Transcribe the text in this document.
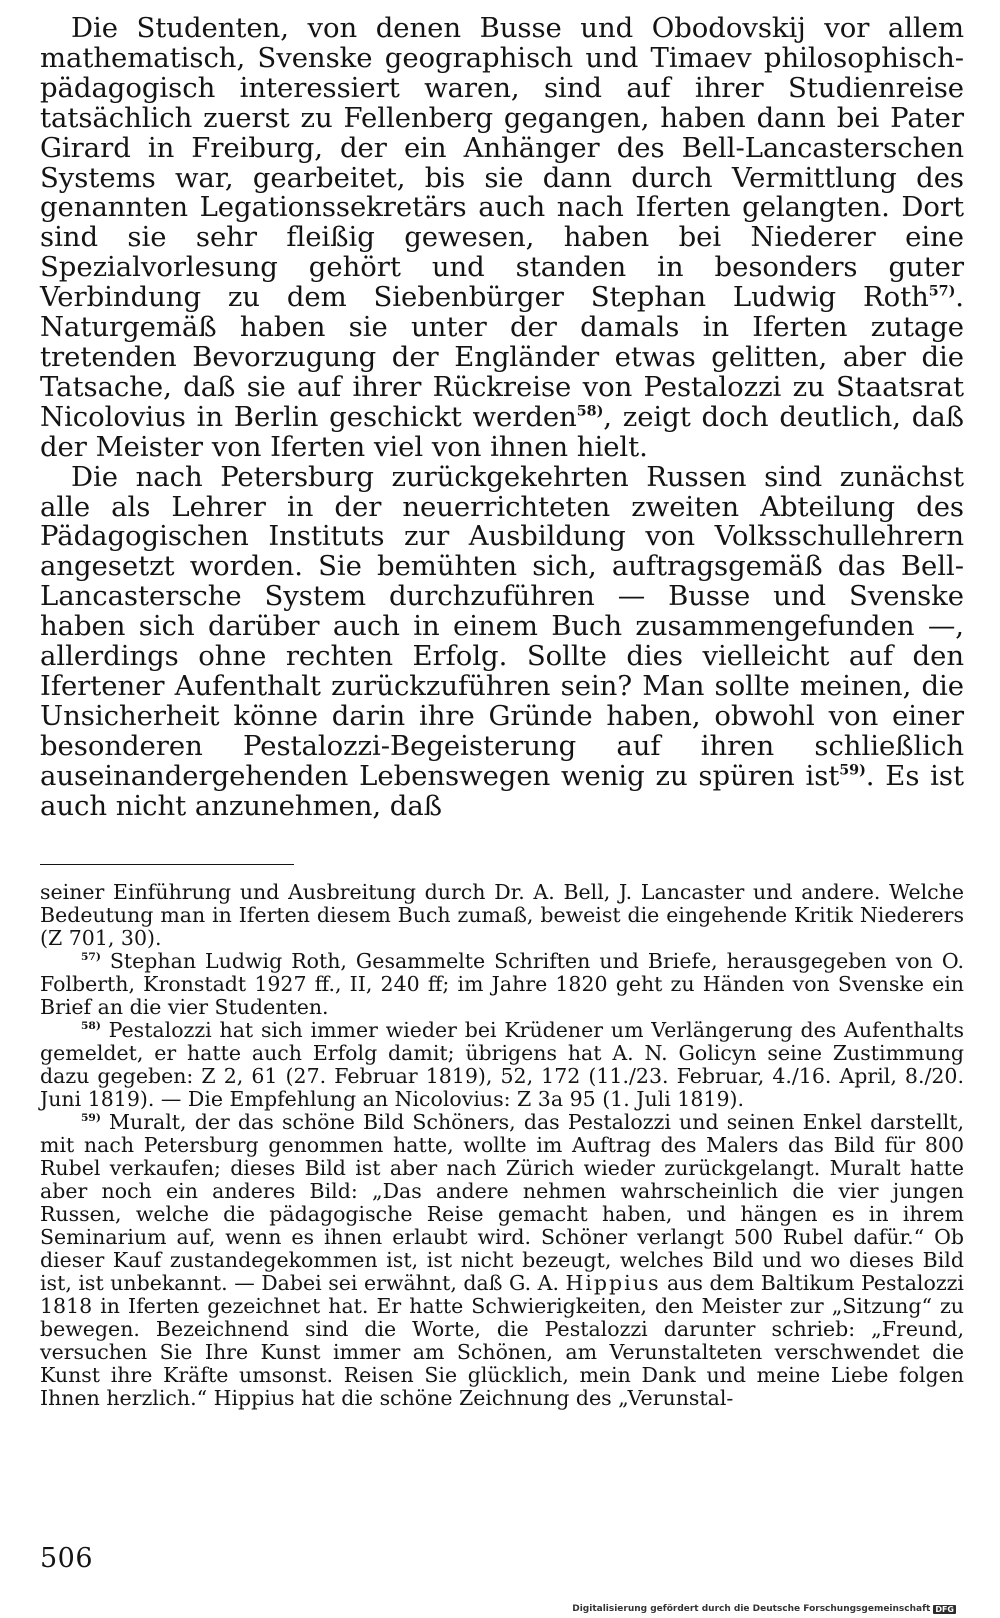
Die Studenten, von denen Busse und Obodovskij vor allem mathematisch, Svenske geographisch und Timaev philosophisch-pädagogisch interessiert waren, sind auf ihrer Studienreise tatsächlich zuerst zu Fellenberg gegangen, haben dann bei Pater Girard in Freiburg, der ein Anhänger des Bell-Lancasterschen Systems war, gearbeitet, bis sie dann durch Vermittlung des genannten Legationssekretärs auch nach Iferten gelangten. Dort sind sie sehr fleißig gewesen, haben bei Niederer eine Spezialvorlesung gehört und standen in besonders guter Verbindung zu dem Siebenbürger Stephan Ludwig Roth$^{57)}$. Naturgemäß haben sie unter der damals in Iferten zutage tretenden Bevorzugung der Engländer etwas gelitten, aber die Tatsache, daß sie auf ihrer Rückreise von Pestalozzi zu Staatsrat Nicolovius in Berlin geschickt werden$^{58)}$, zeigt doch deutlich, daß der Meister von Iferten viel von ihnen hielt.

Die nach Petersburg zurückgekehrten Russen sind zunächst alle als Lehrer in der neuerrichteten zweiten Abteilung des Pädagogischen Instituts zur Ausbildung von Volksschullehrern angesetzt worden. Sie bemühten sich, auftragsgemäß das Bell-Lancastersche System durchzuführen — Busse und Svenske haben sich darüber auch in einem Buch zusammengefunden —, allerdings ohne rechten Erfolg. Sollte dies vielleicht auf den Ifertener Aufenthalt zurückzuführen sein? Man sollte meinen, die Unsicherheit könne darin ihre Gründe haben, obwohl von einer besonderen Pestalozzi-Begeisterung auf ihren schließlich auseinandergehenden Lebenswegen wenig zu spüren ist$^{59)}$. Es ist auch nicht anzunehmen, daß

seiner Einführung und Ausbreitung durch Dr. A. Bell, J. Lancaster und andere. Welche Bedeutung man in Iferten diesem Buch zumaß, beweist die eingehende Kritik Niederers (Z 701, 30).

$^{57)}$ Stephan Ludwig Roth, Gesammelte Schriften und Briefe, herausgegeben von O. Folberth, Kronstadt 1927 ff., II, 240 ff; im Jahre 1820 geht zu Händen von Svenske ein Brief an die vier Studenten.

$^{58)}$ Pestalozzi hat sich immer wieder bei Krüdener um Verlängerung des Aufenthalts gemeldet, er hatte auch Erfolg damit; übrigens hat A. N. Golicyn seine Zustimmung dazu gegeben: Z 2, 61 (27. Februar 1819), 52, 172 (11./23. Februar, 4./16. April, 8./20. Juni 1819). — Die Empfehlung an Nicolovius: Z 3a 95 (1. Juli 1819).

$^{59)}$ Muralt, der das schöne Bild Schöners, das Pestalozzi und seinen Enkel darstellt, mit nach Petersburg genommen hatte, wollte im Auftrag des Malers das Bild für 800 Rubel verkaufen; dieses Bild ist aber nach Zürich wieder zurückgelangt. Muralt hatte aber noch ein anderes Bild: „Das andere nehmen wahrscheinlich die vier jungen Russen, welche die pädagogische Reise gemacht haben, und hängen es in ihrem Seminarium auf, wenn es ihnen erlaubt wird. Schöner verlangt 500 Rubel dafür.“ Ob dieser Kauf zustandegekommen ist, ist nicht bezeugt, welches Bild und wo dieses Bild ist, ist unbekannt. — Dabei sei erwähnt, daß G. A. Hippius aus dem Baltikum Pestalozzi 1818 in Iferten gezeichnet hat. Er hatte Schwierigkeiten, den Meister zur „Sitzung“ zu bewegen. Bezeichnend sind die Worte, die Pestalozzi darunter schrieb: „Freund, versuchen Sie Ihre Kunst immer am Schönen, am Verunstalteten verschwendet die Kunst ihre Kräfte umsonst. Reisen Sie glücklich, mein Dank und meine Liebe folgen Ihnen herzlich.“ Hippius hat die schöne Zeichnung des „Verunstal-

506
Digitalisierung gefördert durch die Deutsche Forschungsgemeinschaft DFG
